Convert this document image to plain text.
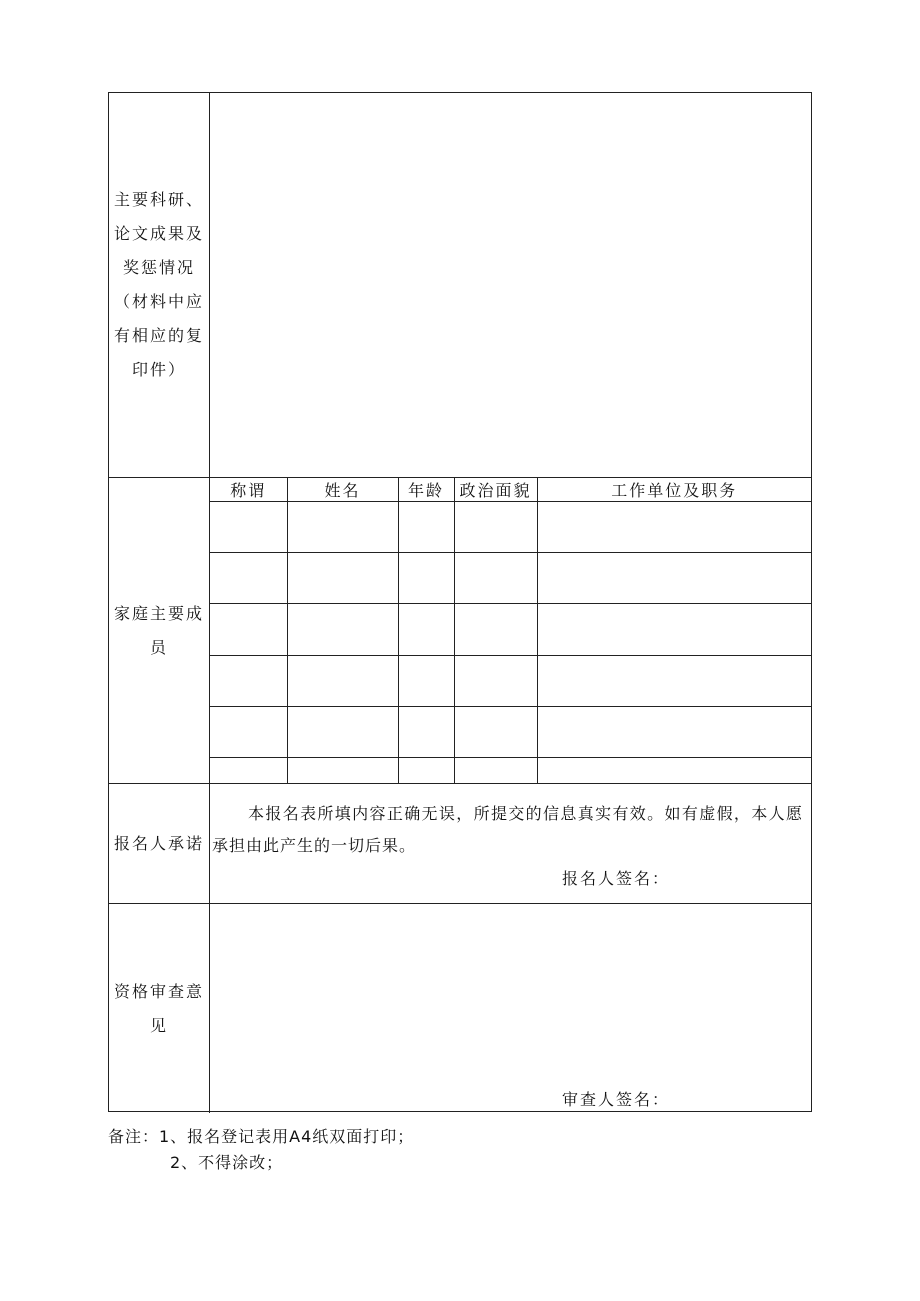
主要科研、论文成果及奖惩情况（材料中应有相应的复印件）
家庭主要成员
称谓	姓名	年龄	政治面貌	工作单位及职务

报名人承诺
本报名表所填内容正确无误，所提交的信息真实有效。如有虚假，本人愿承担由此产生的一切后果。
报名人签名：
资格审查意见
审查人签名：
备注：1、报名登记表用A4纸双面打印；
2、不得涂改；
